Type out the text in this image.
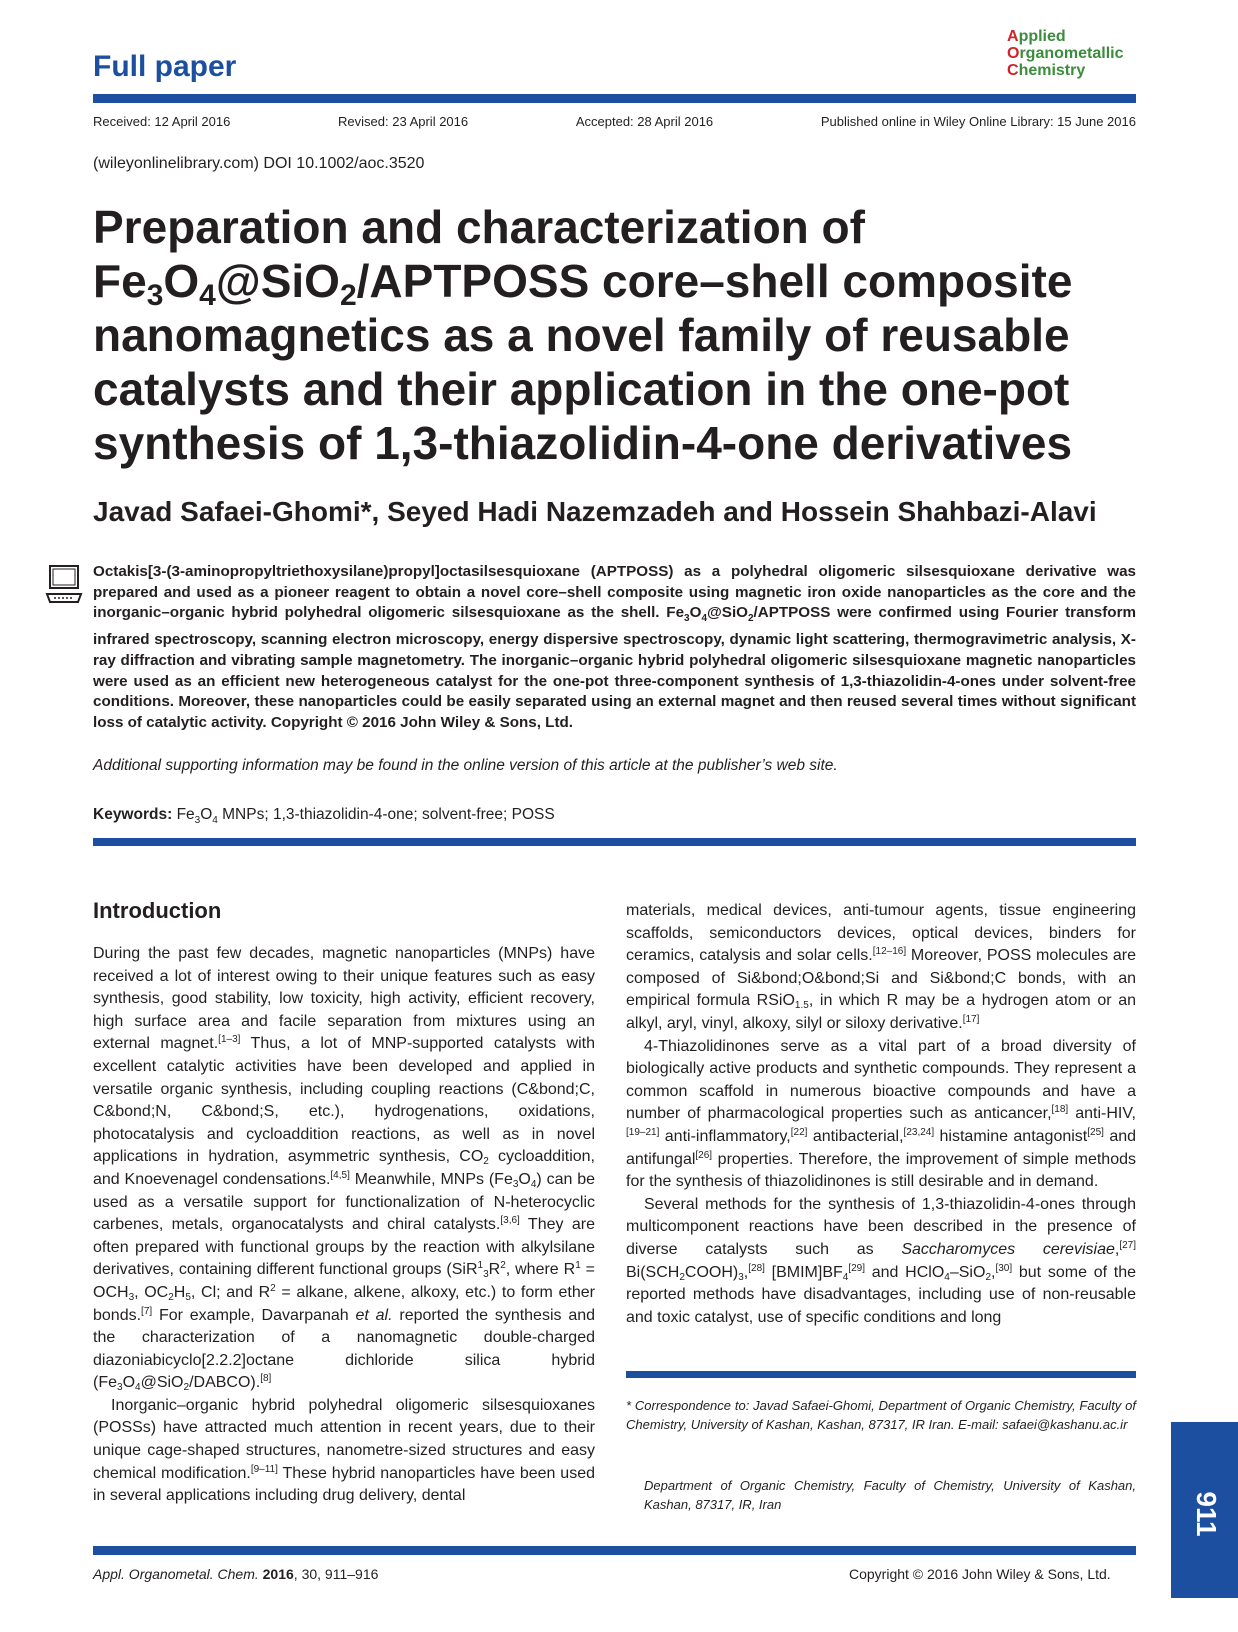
Full paper
Applied
Organometallic
Chemistry
Received: 12 April 2016	Revised: 23 April 2016	Accepted: 28 April 2016	Published online in Wiley Online Library: 15 June 2016
(wileyonlinelibrary.com) DOI 10.1002/aoc.3520
Preparation and characterization of $Fe_3O_4@SiO_2$/APTPOSS core–shell composite nanomagnetics as a novel family of reusable catalysts and their application in the one-pot synthesis of 1,3-thiazolidin-4-one derivatives
Javad Safaei-Ghomi*, Seyed Hadi Nazemzadeh and Hossein Shahbazi-Alavi

Octakis[3-(3-aminopropyltriethoxysilane)propyl]octasilsesquioxane (APTPOSS) as a polyhedral oligomeric silsesquioxane derivative was prepared and used as a pioneer reagent to obtain a novel core–shell composite using magnetic iron oxide nanoparticles as the core and the inorganic–organic hybrid polyhedral oligomeric silsesquioxane as the shell. $Fe_3O_4@SiO_2$/APTPOSS were confirmed using Fourier transform infrared spectroscopy, scanning electron microscopy, energy dispersive spectroscopy, dynamic light scattering, thermogravimetric analysis, X-ray diffraction and vibrating sample magnetometry. The inorganic–organic hybrid polyhedral oligomeric silsesquioxane magnetic nanoparticles were used as an efficient new heterogeneous catalyst for the one-pot three-component synthesis of 1,3-thiazolidin-4-ones under solvent-free conditions. Moreover, these nanoparticles could be easily separated using an external magnet and then reused several times without significant loss of catalytic activity. Copyright © 2016 John Wiley & Sons, Ltd.

Additional supporting information may be found in the online version of this article at the publisher’s web site.
Keywords: $Fe_3O_4$ MNPs; 1,3-thiazolidin-4-one; solvent-free; POSS
Introduction

During the past few decades, magnetic nanoparticles (MNPs) have received a lot of interest owing to their unique features such as easy synthesis, good stability, low toxicity, high activity, efficient recovery, high surface area and facile separation from mixtures using an external magnet.[1–3] Thus, a lot of MNP-supported catalysts with excellent catalytic activities have been developed and applied in versatile organic synthesis, including coupling reactions (C&bond;C, C&bond;N, C&bond;S, etc.), hydrogenations, oxidations, photocatalysis and cycloaddition reactions, as well as in novel applications in hydration, asymmetric synthesis, $CO_2$ cycloaddition, and Knoevenagel condensations.[4,5] Meanwhile, MNPs $(Fe_3O_4)$ can be used as a versatile support for functionalization of N-heterocyclic carbenes, metals, organocatalysts and chiral catalysts.[3,6] They are often prepared with functional groups by the reaction with alkylsilane derivatives, containing different functional groups ($SiR^1_3R^2$, where $R^1 = OCH_3$, $OC_2H_5$, Cl; and $R^2$ = alkane, alkene, alkoxy, etc.) to form ether bonds.[7] For example, Davarpanah et al. reported the synthesis and the characterization of a nanomagnetic double-charged diazoniabicyclo[2.2.2]octane dichloride silica hybrid $(Fe_3O_4@SiO_2/DABCO).[8]$

Inorganic–organic hybrid polyhedral oligomeric silsesquioxanes (POSSs) have attracted much attention in recent years, due to their unique cage-shaped structures, nanometre-sized structures and easy chemical modification.[9–11] These hybrid nanoparticles have been used in several applications including drug delivery, dental

materials, medical devices, anti-tumour agents, tissue engineering scaffolds, semiconductors devices, optical devices, binders for ceramics, catalysis and solar cells.[12–16] Moreover, POSS molecules are composed of Si&bond;O&bond;Si and Si&bond;C bonds, with an empirical formula RSiO$_{1.5}$, in which R may be a hydrogen atom or an alkyl, aryl, vinyl, alkoxy, silyl or siloxy derivative.[17]

4-Thiazolidinones serve as a vital part of a broad diversity of biologically active products and synthetic compounds. They represent a common scaffold in numerous bioactive compounds and have a number of pharmacological properties such as anticancer,[18] anti-HIV,[19–21] anti-inflammatory,[22] antibacterial,[23,24] histamine antagonist[25] and antifungal[26] properties. Therefore, the improvement of simple methods for the synthesis of thiazolidinones is still desirable and in demand.

Several methods for the synthesis of 1,3-thiazolidin-4-ones through multicomponent reactions have been described in the presence of diverse catalysts such as Saccharomyces cerevisiae,[27] $Bi(SCH_2COOH)_3,[28]$ $[BMIM]BF_4[29]$ and HClO$_4$–SiO$_2$,[30] but some of the reported methods have disadvantages, including use of non-reusable and toxic catalyst, use of specific conditions and long

* Correspondence to: Javad Safaei-Ghomi, Department of Organic Chemistry, Faculty of Chemistry, University of Kashan, Kashan, 87317, IR Iran. E-mail: safaei@kashanu.ac.ir

Department of Organic Chemistry, Faculty of Chemistry, University of Kashan, Kashan, 87317, IR, Iran

Appl. Organometal. Chem. 2016, 30, 911–916	Copyright © 2016 John Wiley & Sons, Ltd.
911
